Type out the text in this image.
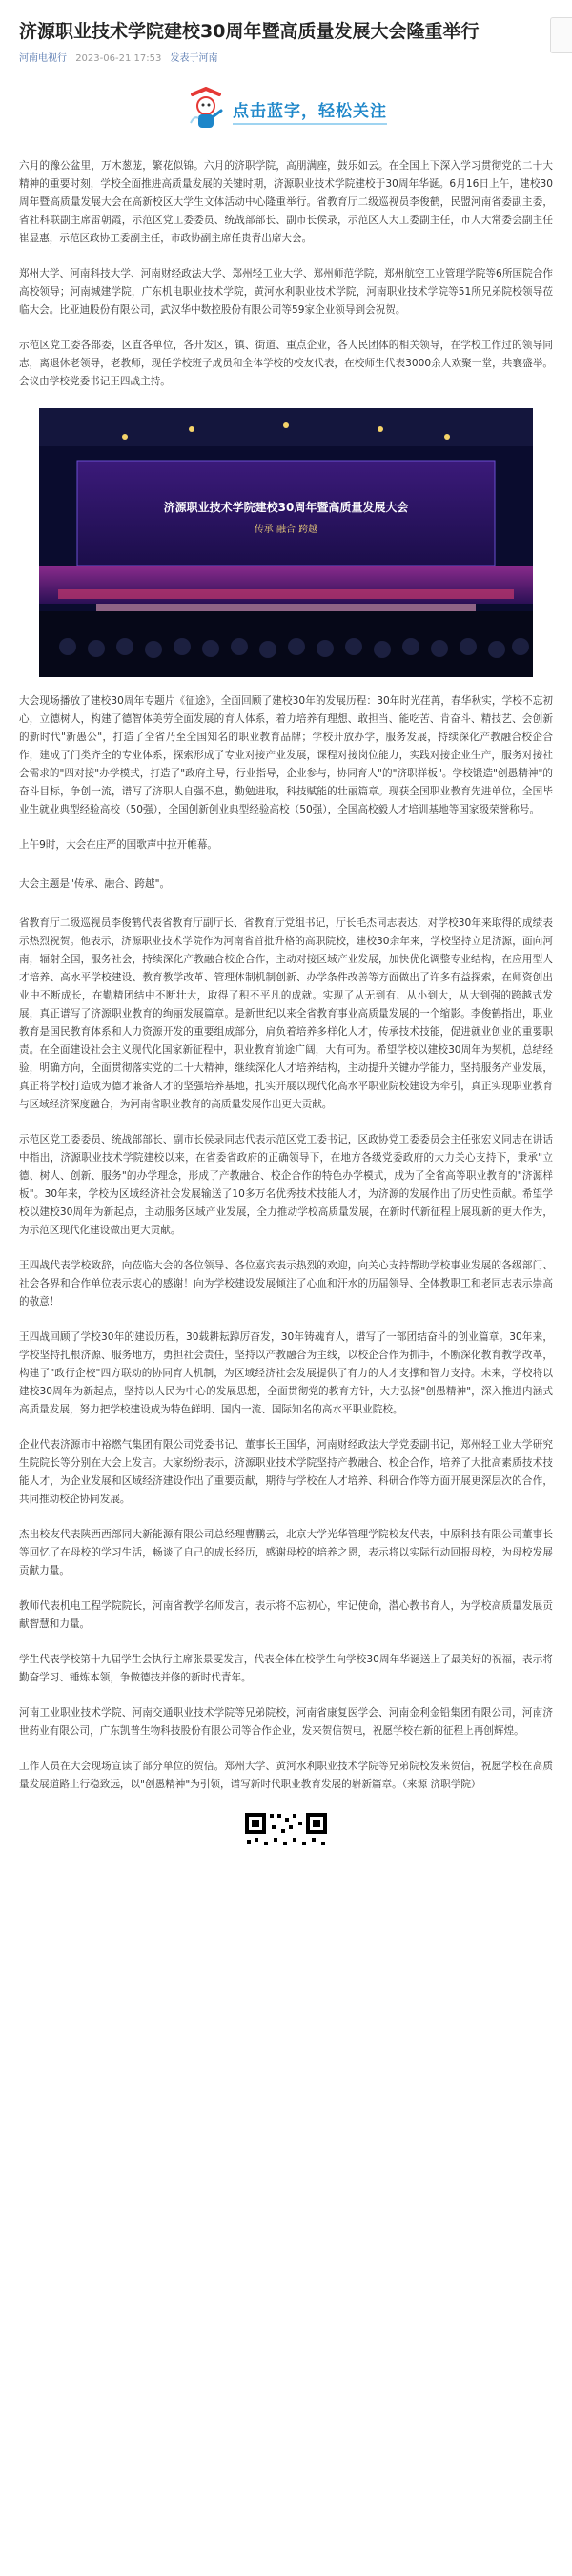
济源职业技术学院建校30周年暨高质量发展大会隆重举行
河南电视行 2023-06-21 17:53 发表于河南
点击蓝字，轻松关注

六月的豫公盆里，万木葱茏，繁花似锦。六月的济职学院，高朋满座，鼓乐如云。在全国上下深入学习贯彻党的二十大精神的重要时刻，学校全面推进高质量发展的关键时期，济源职业技术学院建校于30周年华诞。6月16日上午，建校30周年暨高质量发展大会在高新校区大学生文体活动中心隆重举行。省教育厅二级巡视员李俊鹤，民盟河南省委副主委，省社科联副主席雷朝霞，示范区党工委委员、统战部部长、副市长侯录，示范区人大工委副主任，市人大常委会副主任崔显惠，示范区政协工委副主任，市政协副主席任贵青出席大会。

郑州大学、河南科技大学、河南财经政法大学、郑州轻工业大学、郑州师范学院，郑州航空工业管理学院等6所国院合作高校领导；河南城建学院，广东机电职业技术学院，黄河水利职业技术学院，河南职业技术学院等51所兄弟院校领导莅临大会。比亚迪股份有限公司，武汉华中数控股份有限公司等59家企业领导到会祝贺。

示范区党工委各部委，区直各单位，各开发区，镇、街道、重点企业，各人民团体的相关领导，在学校工作过的领导同志，离退休老领导，老教师，现任学校班子成员和全体学校的校友代表，在校师生代表3000余人欢聚一堂，共襄盛举。会议由学校党委书记王四战主持。

济源职业技术学院建校30周年暨高质量发展大会
传承 融合 跨越

大会现场播放了建校30周年专题片《征途》，全面回顾了建校30年的发展历程：30年时光荏苒，春华秋实，学校不忘初心，立德树人，构建了德智体美劳全面发展的育人体系，着力培养有理想、敢担当、能吃苦、肯奋斗、精技艺、会创新的新时代"新愚公"，打造了全省乃至全国知名的职业教育品牌；学校开放办学，服务发展，持续深化产教融合校企合作，建成了门类齐全的专业体系，探索形成了专业对接产业发展，课程对接岗位能力，实践对接企业生产，服务对接社会需求的"四对接"办学模式，打造了"政府主导，行业指导，企业参与，协同育人"的"济职样板"。学校锻造"创愚精神"的奋斗目标，争创一流，谱写了济职人自强不息，勤勉进取，科技赋能的壮丽篇章。现获全国职业教育先进单位，全国毕业生就业典型经验高校（50强），全国创新创业典型经验高校（50强），全国高校毅人才培训基地等国家级荣誉称号。

上午9时，大会在庄严的国歌声中拉开帷幕。

大会主题是"传承、融合、跨越"。

省教育厅二级巡视员李俊鹤代表省教育厅副厅长、省教育厅党组书记，厅长毛杰同志表达，对学校30年来取得的成绩表示热烈祝贺。他表示，济源职业技术学院作为河南省首批升格的高职院校，建校30余年来，学校坚持立足济源，面向河南，辐射全国，服务社会，持续深化产教融合校企合作，主动对接区域产业发展，加快优化调整专业结构，在应用型人才培养、高水平学校建设、教育教学改革、管理体制机制创新、办学条件改善等方面做出了许多有益探索，在师资创出业中不断成长，在勤精团结中不断壮大，取得了积不平凡的成就。实现了从无到有、从小到大，从大到强的跨越式发展，真正谱写了济源职业教育的绚丽发展篇章。是新世纪以来全省教育事业高质量发展的一个缩影。李俊鹤指出，职业教育是国民教育体系和人力资源开发的重要组成部分，肩负着培养多样化人才，传承技术技能，促进就业创业的重要职责。在全面建设社会主义现代化国家新征程中，职业教育前途广阔，大有可为。希望学校以建校30周年为契机，总结经验，明确方向，全面贯彻落实党的二十大精神，继续深化人才培养结构，主动提升关键办学能力，坚持服务产业发展，真正将学校打造成为德才兼备人才的坚强培养基地，扎实开展以现代化高水平职业院校建设为牵引，真正实现职业教育与区域经济深度融合，为河南省职业教育的高质量发展作出更大贡献。

示范区党工委委员、统战部部长、副市长侯录同志代表示范区党工委书记，区政协党工委委员会主任张宏义同志在讲话中指出，济源职业技术学院建校以来，在省委省政府的正确领导下，在地方各级党委政府的大力关心支持下，秉承"立德、树人、创新、服务"的办学理念，形成了产教融合、校企合作的特色办学模式，成为了全省高等职业教育的"济源样板"。30年来，学校为区域经济社会发展输送了10多万名优秀技术技能人才，为济源的发展作出了历史性贡献。希望学校以建校30周年为新起点，主动服务区域产业发展，全力推动学校高质量发展，在新时代新征程上展现新的更大作为，为示范区现代化建设做出更大贡献。

王四战代表学校致辞，向莅临大会的各位领导、各位嘉宾表示热烈的欢迎，向关心支持帮助学校事业发展的各级部门、社会各界和合作单位表示衷心的感谢！向为学校建设发展倾注了心血和汗水的历届领导、全体教职工和老同志表示崇高的敬意！

王四战回顾了学校30年的建设历程，30载耕耘踔厉奋发，30年铸魂育人，谱写了一部团结奋斗的创业篇章。30年来，学校坚持扎根济源、服务地方，勇担社会责任，坚持以产教融合为主线，以校企合作为抓手，不断深化教育教学改革，构建了"政行企校"四方联动的协同育人机制，为区域经济社会发展提供了有力的人才支撑和智力支持。未来，学校将以建校30周年为新起点，坚持以人民为中心的发展思想，全面贯彻党的教育方针，大力弘扬"创愚精神"，深入推进内涵式高质量发展，努力把学校建设成为特色鲜明、国内一流、国际知名的高水平职业院校。

企业代表济源市中裕燃气集团有限公司党委书记、董事长王国华，河南财经政法大学党委副书记，郑州轻工业大学研究生院院长等分别在大会上发言。大家纷纷表示，济源职业技术学院坚持产教融合、校企合作，培养了大批高素质技术技能人才，为企业发展和区域经济建设作出了重要贡献，期待与学校在人才培养、科研合作等方面开展更深层次的合作，共同推动校企协同发展。

杰出校友代表陕西西部同大新能源有限公司总经理曹鹏云，北京大学光华管理学院校友代表，中原科技有限公司董事长等回忆了在母校的学习生活，畅谈了自己的成长经历，感谢母校的培养之恩，表示将以实际行动回报母校，为母校发展贡献力量。

教师代表机电工程学院院长，河南省教学名师发言，表示将不忘初心，牢记使命，潜心教书育人，为学校高质量发展贡献智慧和力量。

学生代表学校第十九届学生会执行主席张景雯发言，代表全体在校学生向学校30周年华诞送上了最美好的祝福，表示将勤奋学习、锤炼本领，争做德技并修的新时代青年。

河南工业职业技术学院、河南交通职业技术学院等兄弟院校，河南省康复医学会、河南金利金铅集团有限公司，河南济世药业有限公司，广东凯普生物科技股份有限公司等合作企业，发来贺信贺电，祝愿学校在新的征程上再创辉煌。

工作人员在大会现场宣读了部分单位的贺信。郑州大学、黄河水利职业技术学院等兄弟院校发来贺信，祝愿学校在高质量发展道路上行稳致远，以"创愚精神"为引领，谱写新时代职业教育发展的崭新篇章。（来源 济职学院）
